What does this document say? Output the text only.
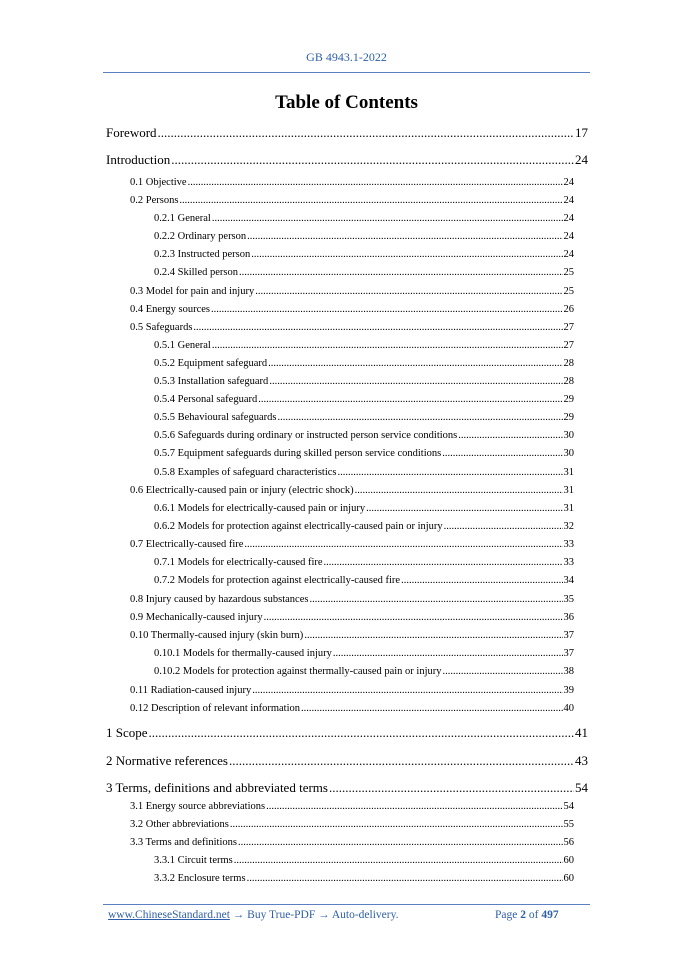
GB 4943.1-2022
Table of Contents
Foreword .....	17
Introduction .....	24
0.1 Objective .....	24
0.2 Persons .....	24
0.2.1 General .....	24
0.2.2 Ordinary person .....	24
0.2.3 Instructed person .....	24
0.2.4 Skilled person .....	25
0.3 Model for pain and injury .....	25
0.4 Energy sources .....	26
0.5 Safeguards .....	27
0.5.1 General .....	27
0.5.2 Equipment safeguard .....	28
0.5.3 Installation safeguard .....	28
0.5.4 Personal safeguard .....	29
0.5.5 Behavioural safeguards .....	29
0.5.6 Safeguards during ordinary or instructed person service conditions .....	30
0.5.7 Equipment safeguards during skilled person service conditions .....	30
0.5.8 Examples of safeguard characteristics .....	31
0.6 Electrically-caused pain or injury (electric shock) .....	31
0.6.1 Models for electrically-caused pain or injury .....	31
0.6.2 Models for protection against electrically-caused pain or injury .....	32
0.7 Electrically-caused fire .....	33
0.7.1 Models for electrically-caused fire .....	33
0.7.2 Models for protection against electrically-caused fire .....	34
0.8 Injury caused by hazardous substances .....	35
0.9 Mechanically-caused injury .....	36
0.10 Thermally-caused injury (skin burn) .....	37
0.10.1 Models for thermally-caused injury .....	37
0.10.2 Models for protection against thermally-caused pain or injury .....	38
0.11 Radiation-caused injury .....	39
0.12 Description of relevant information .....	40
1 Scope .....	41
2 Normative references .....	43
3 Terms, definitions and abbreviated terms .....	54
3.1 Energy source abbreviations .....	54
3.2 Other abbreviations .....	55
3.3 Terms and definitions .....	56
3.3.1 Circuit terms .....	60
3.3.2 Enclosure terms .....	60
www.ChineseStandard.net → Buy True-PDF → Auto-delivery.	Page 2 of 497
